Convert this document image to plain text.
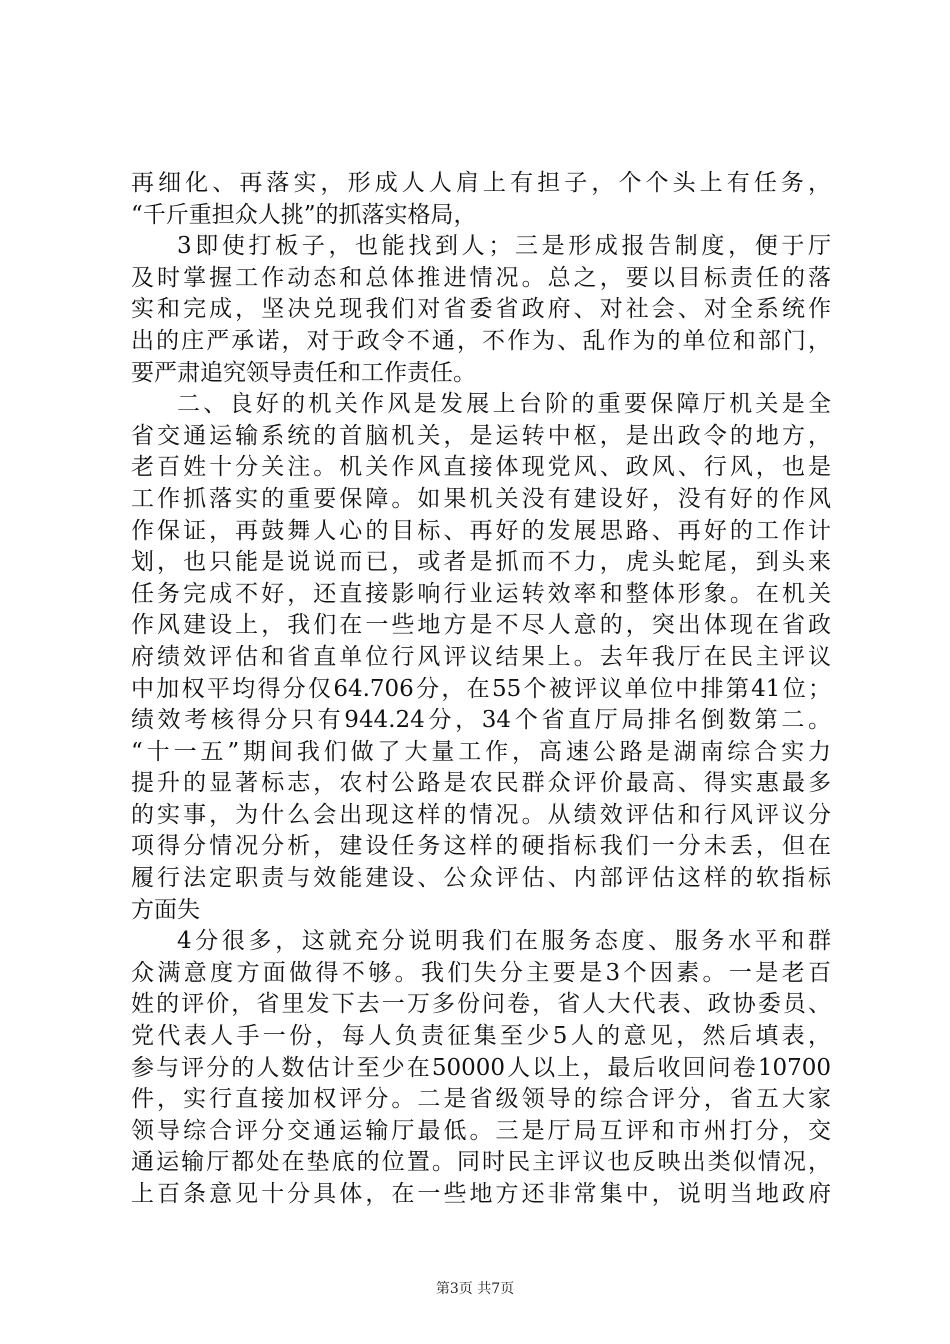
再细化、再落实，形成人人肩上有担子，个个头上有任务，
“千斤重担众人挑”的抓落实格局，
3即使打板子，也能找到人；三是形成报告制度，便于厅
及时掌握工作动态和总体推进情况。总之，要以目标责任的落
实和完成，坚决兑现我们对省委省政府、对社会、对全系统作
出的庄严承诺，对于政令不通，不作为、乱作为的单位和部门，
要严肃追究领导责任和工作责任。
二、良好的机关作风是发展上台阶的重要保障厅机关是全
省交通运输系统的首脑机关，是运转中枢，是出政令的地方，
老百姓十分关注。机关作风直接体现党风、政风、行风，也是
工作抓落实的重要保障。如果机关没有建设好，没有好的作风
作保证，再鼓舞人心的目标、再好的发展思路、再好的工作计
划，也只能是说说而已，或者是抓而不力，虎头蛇尾，到头来
任务完成不好，还直接影响行业运转效率和整体形象。在机关
作风建设上，我们在一些地方是不尽人意的，突出体现在省政
府绩效评估和省直单位行风评议结果上。去年我厅在民主评议
中加权平均得分仅64.706分，在55个被评议单位中排第41位；
绩效考核得分只有944.24分，34个省直厅局排名倒数第二。
“十一五”期间我们做了大量工作，高速公路是湖南综合实力
提升的显著标志，农村公路是农民群众评价最高、得实惠最多
的实事，为什么会出现这样的情况。从绩效评估和行风评议分
项得分情况分析，建设任务这样的硬指标我们一分未丢，但在
履行法定职责与效能建设、公众评估、内部评估这样的软指标
方面失
4分很多，这就充分说明我们在服务态度、服务水平和群
众满意度方面做得不够。我们失分主要是3个因素。一是老百
姓的评价，省里发下去一万多份问卷，省人大代表、政协委员、
党代表人手一份，每人负责征集至少5人的意见，然后填表，
参与评分的人数估计至少在50000人以上，最后收回问卷10700
件，实行直接加权评分。二是省级领导的综合评分，省五大家
领导综合评分交通运输厅最低。三是厅局互评和市州打分，交
通运输厅都处在垫底的位置。同时民主评议也反映出类似情况，
上百条意见十分具体，在一些地方还非常集中，说明当地政府
第3页 共7页
